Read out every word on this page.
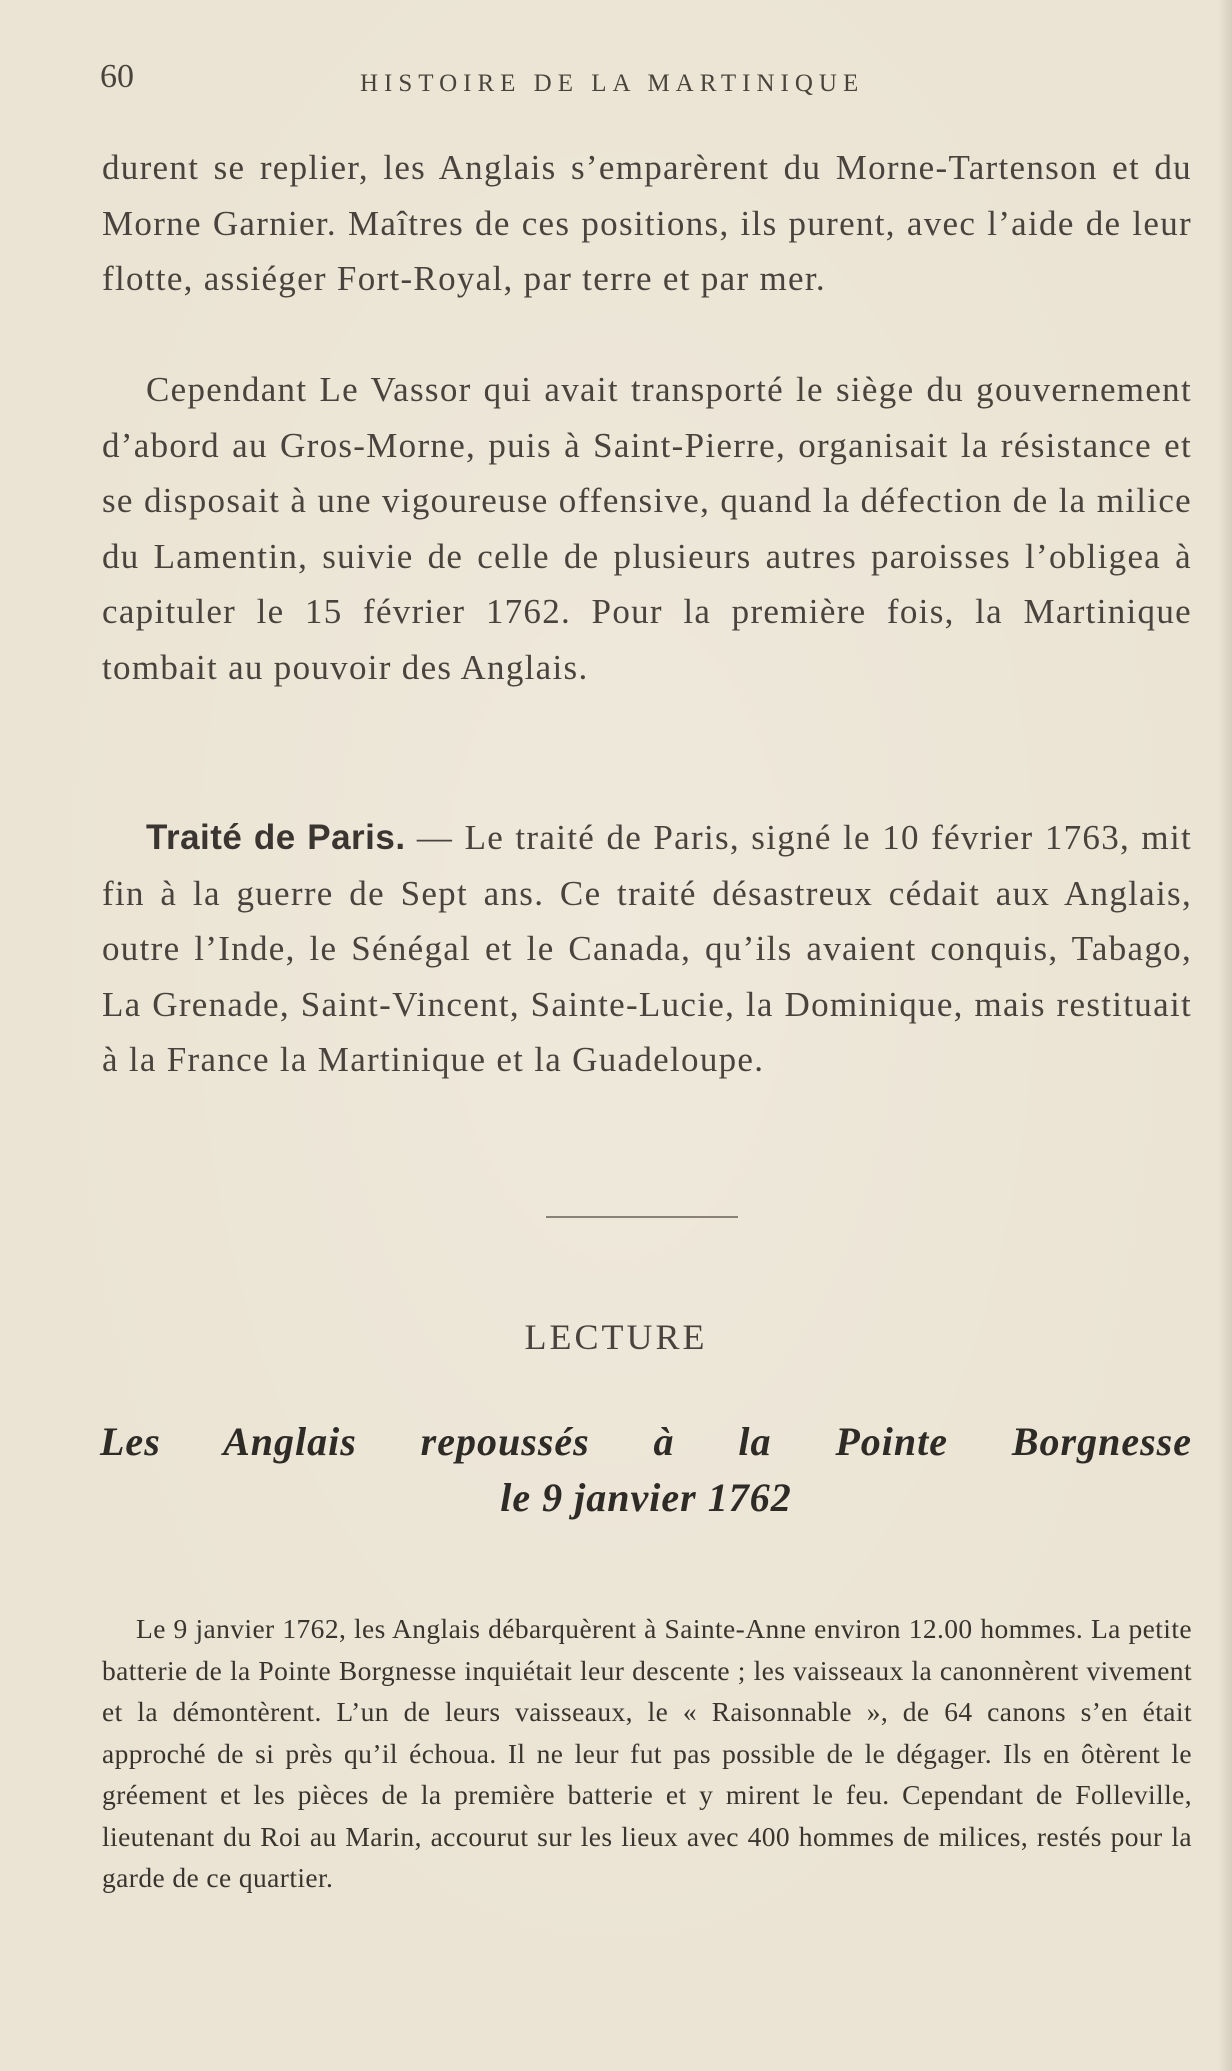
60	HISTOIRE DE LA MARTINIQUE

durent se replier, les Anglais s’emparèrent du Morne-Tartenson et du Morne Garnier. Maîtres de ces positions, ils purent, avec l’aide de leur flotte, assiéger Fort-Royal, par terre et par mer.

Cependant Le Vassor qui avait transporté le siège du gouvernement d’abord au Gros-Morne, puis à Saint-Pierre, organisait la résistance et se disposait à une vigoureuse offensive, quand la défection de la milice du Lamentin, suivie de celle de plusieurs autres paroisses l’obligea à capituler le 15 février 1762. Pour la première fois, la Martinique tombait au pouvoir des Anglais.

Traité de Paris. — Le traité de Paris, signé le 10 février 1763, mit fin à la guerre de Sept ans. Ce traité désastreux cédait aux Anglais, outre l’Inde, le Sénégal et le Canada, qu’ils avaient conquis, Tabago, La Grenade, Saint-Vincent, Sainte-Lucie, la Dominique, mais restituait à la France la Martinique et la Guadeloupe.

LECTURE
Les Anglais repoussés à la Pointe Borgnesse
le 9 janvier 1762

Le 9 janvier 1762, les Anglais débarquèrent à Sainte-Anne environ 12.00 hommes. La petite batterie de la Pointe Borgnesse inquiétait leur descente ; les vaisseaux la canonnèrent vivement et la démontèrent. L’un de leurs vaisseaux, le « Raisonnable », de 64 canons s’en était approché de si près qu’il échoua. Il ne leur fut pas possible de le dégager. Ils en ôtèrent le gréement et les pièces de la première batterie et y mirent le feu. Cependant de Folleville, lieutenant du Roi au Marin, accourut sur les lieux avec 400 hommes de milices, restés pour la garde de ce quartier.
